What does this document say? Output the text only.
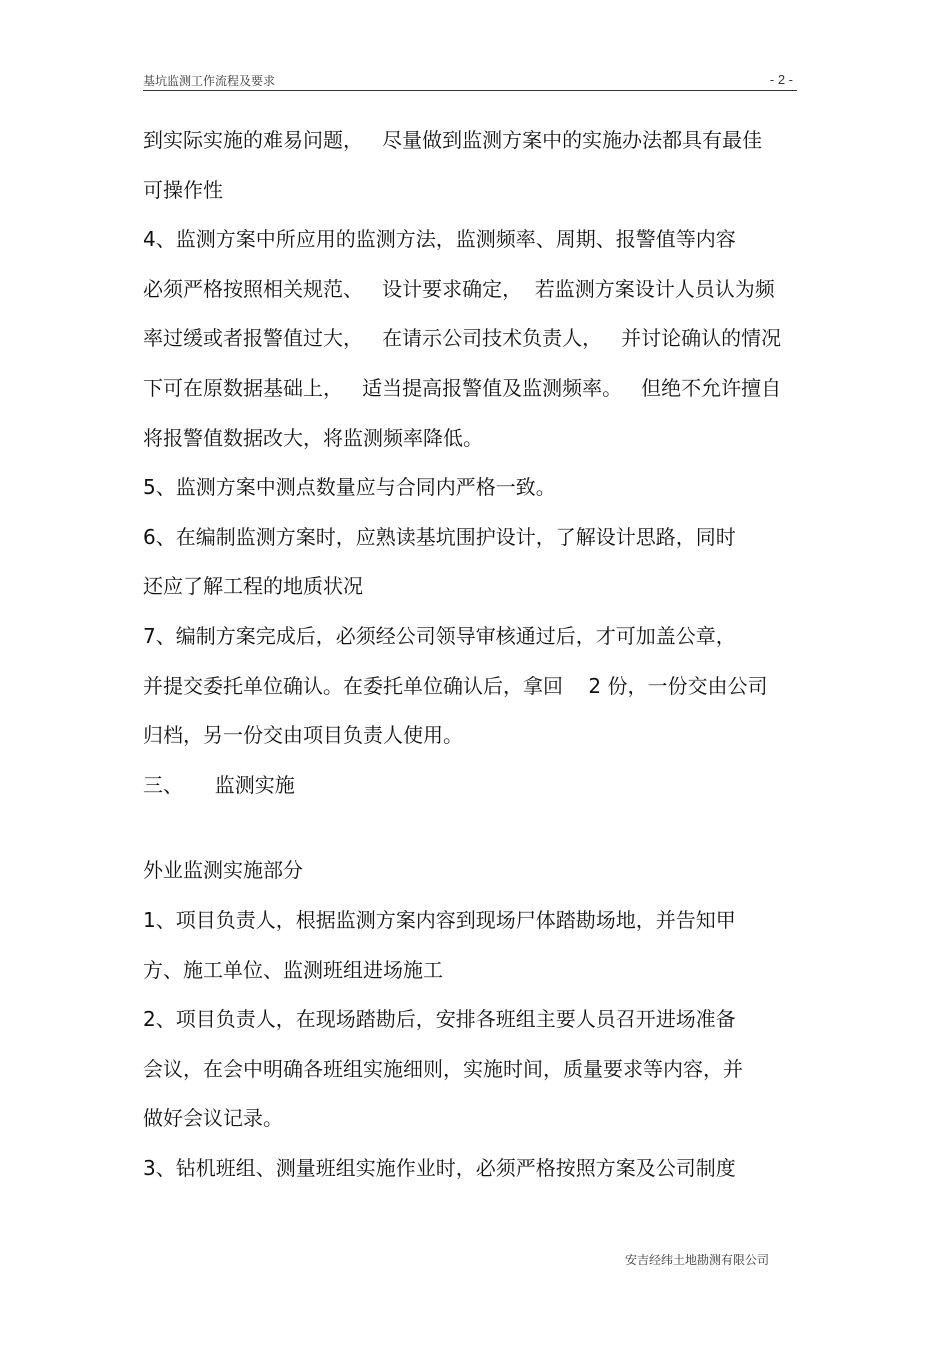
基坑监测工作流程及要求	- 2 -
到实际实施的难易问题，   尽量做到监测方案中的实施办法都具有最佳
可操作性
4、监测方案中所应用的监测方法，监测频率、周期、报警值等内容
必须严格按照相关规范、   设计要求确定，  若监测方案设计人员认为频
率过缓或者报警值过大，   在请示公司技术负责人，   并讨论确认的情况
下可在原数据基础上，   适当提高报警值及监测频率。   但绝不允许擅自
将报警值数据改大，将监测频率降低。
5、监测方案中测点数量应与合同内严格一致。
6、在编制监测方案时，应熟读基坑围护设计，了解设计思路，同时
还应了解工程的地质状况
7、编制方案完成后，必须经公司领导审核通过后，才可加盖公章，
并提交委托单位确认。在委托单位确认后，拿回    2 份，一份交由公司
归档，另一份交由项目负责人使用。
三、     监测实施
外业监测实施部分
1、项目负责人，根据监测方案内容到现场尸体踏勘场地，并告知甲
方、施工单位、监测班组进场施工
2、项目负责人，在现场踏勘后，安排各班组主要人员召开进场准备
会议，在会中明确各班组实施细则，实施时间，质量要求等内容，并
做好会议记录。
3、钻机班组、测量班组实施作业时，必须严格按照方案及公司制度
安吉经纬土地勘测有限公司
